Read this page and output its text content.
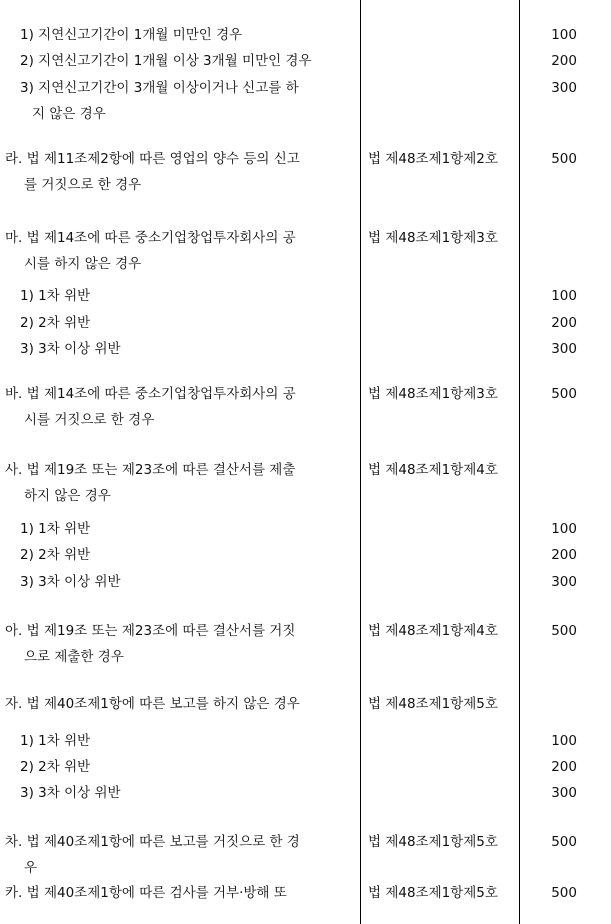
1) 지연신고기간이 1개월 미만인 경우	100
2) 지연신고기간이 1개월 이상 3개월 미만인 경우	200
3) 지연신고기간이 3개월 이상이거나 신고를 하
지 않은 경우
300
라. 법 제11조제2항에 따른 영업의 양수 등의 신고
를 거짓으로 한 경우
법 제48조제1항제2호	500
마. 법 제14조에 따른 중소기업창업투자회사의 공
시를 하지 않은 경우
법 제48조제1항제3호
1) 1차 위반	100
2) 2차 위반	200
3) 3차 이상 위반	300
바. 법 제14조에 따른 중소기업창업투자회사의 공
시를 거짓으로 한 경우
법 제48조제1항제3호	500
사. 법 제19조 또는 제23조에 따른 결산서를 제출
하지 않은 경우
법 제48조제1항제4호
1) 1차 위반	100
2) 2차 위반	200
3) 3차 이상 위반	300
아. 법 제19조 또는 제23조에 따른 결산서를 거짓
으로 제출한 경우
법 제48조제1항제4호	500
자. 법 제40조제1항에 따른 보고를 하지 않은 경우	법 제48조제1항제5호
1) 1차 위반	100
2) 2차 위반	200
3) 3차 이상 위반	300
차. 법 제40조제1항에 따른 보고를 거짓으로 한 경
우
법 제48조제1항제5호	500
카. 법 제40조제1항에 따른 검사를 거부·방해 또	법 제48조제1항제5호	500
